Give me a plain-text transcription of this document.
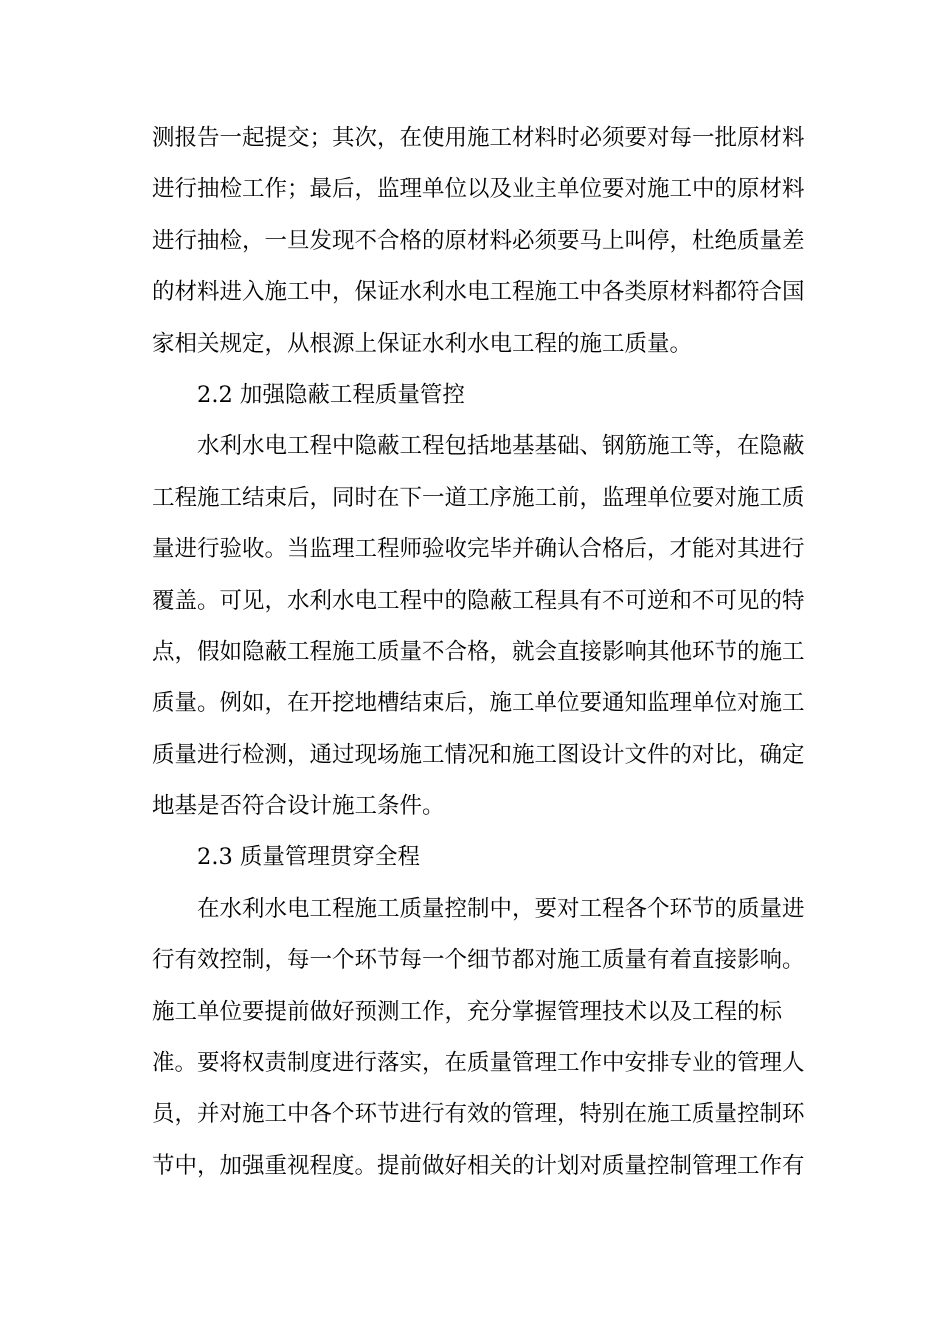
测报告一起提交；其次，在使用施工材料时必须要对每一批原材料
进行抽检工作；最后，监理单位以及业主单位要对施工中的原材料
进行抽检，一旦发现不合格的原材料必须要马上叫停，杜绝质量差
的材料进入施工中，保证水利水电工程施工中各类原材料都符合国
家相关规定，从根源上保证水利水电工程的施工质量。
2.2 加强隐蔽工程质量管控
水利水电工程中隐蔽工程包括地基基础、钢筋施工等，在隐蔽
工程施工结束后，同时在下一道工序施工前，监理单位要对施工质
量进行验收。当监理工程师验收完毕并确认合格后，才能对其进行
覆盖。可见，水利水电工程中的隐蔽工程具有不可逆和不可见的特
点，假如隐蔽工程施工质量不合格，就会直接影响其他环节的施工
质量。例如，在开挖地槽结束后，施工单位要通知监理单位对施工
质量进行检测，通过现场施工情况和施工图设计文件的对比，确定
地基是否符合设计施工条件。
2.3 质量管理贯穿全程
在水利水电工程施工质量控制中，要对工程各个环节的质量进
行有效控制，每一个环节每一个细节都对施工质量有着直接影响。
施工单位要提前做好预测工作，充分掌握管理技术以及工程的标
准。要将权责制度进行落实，在质量管理工作中安排专业的管理人
员，并对施工中各个环节进行有效的管理，特别在施工质量控制环
节中，加强重视程度。提前做好相关的计划对质量控制管理工作有
